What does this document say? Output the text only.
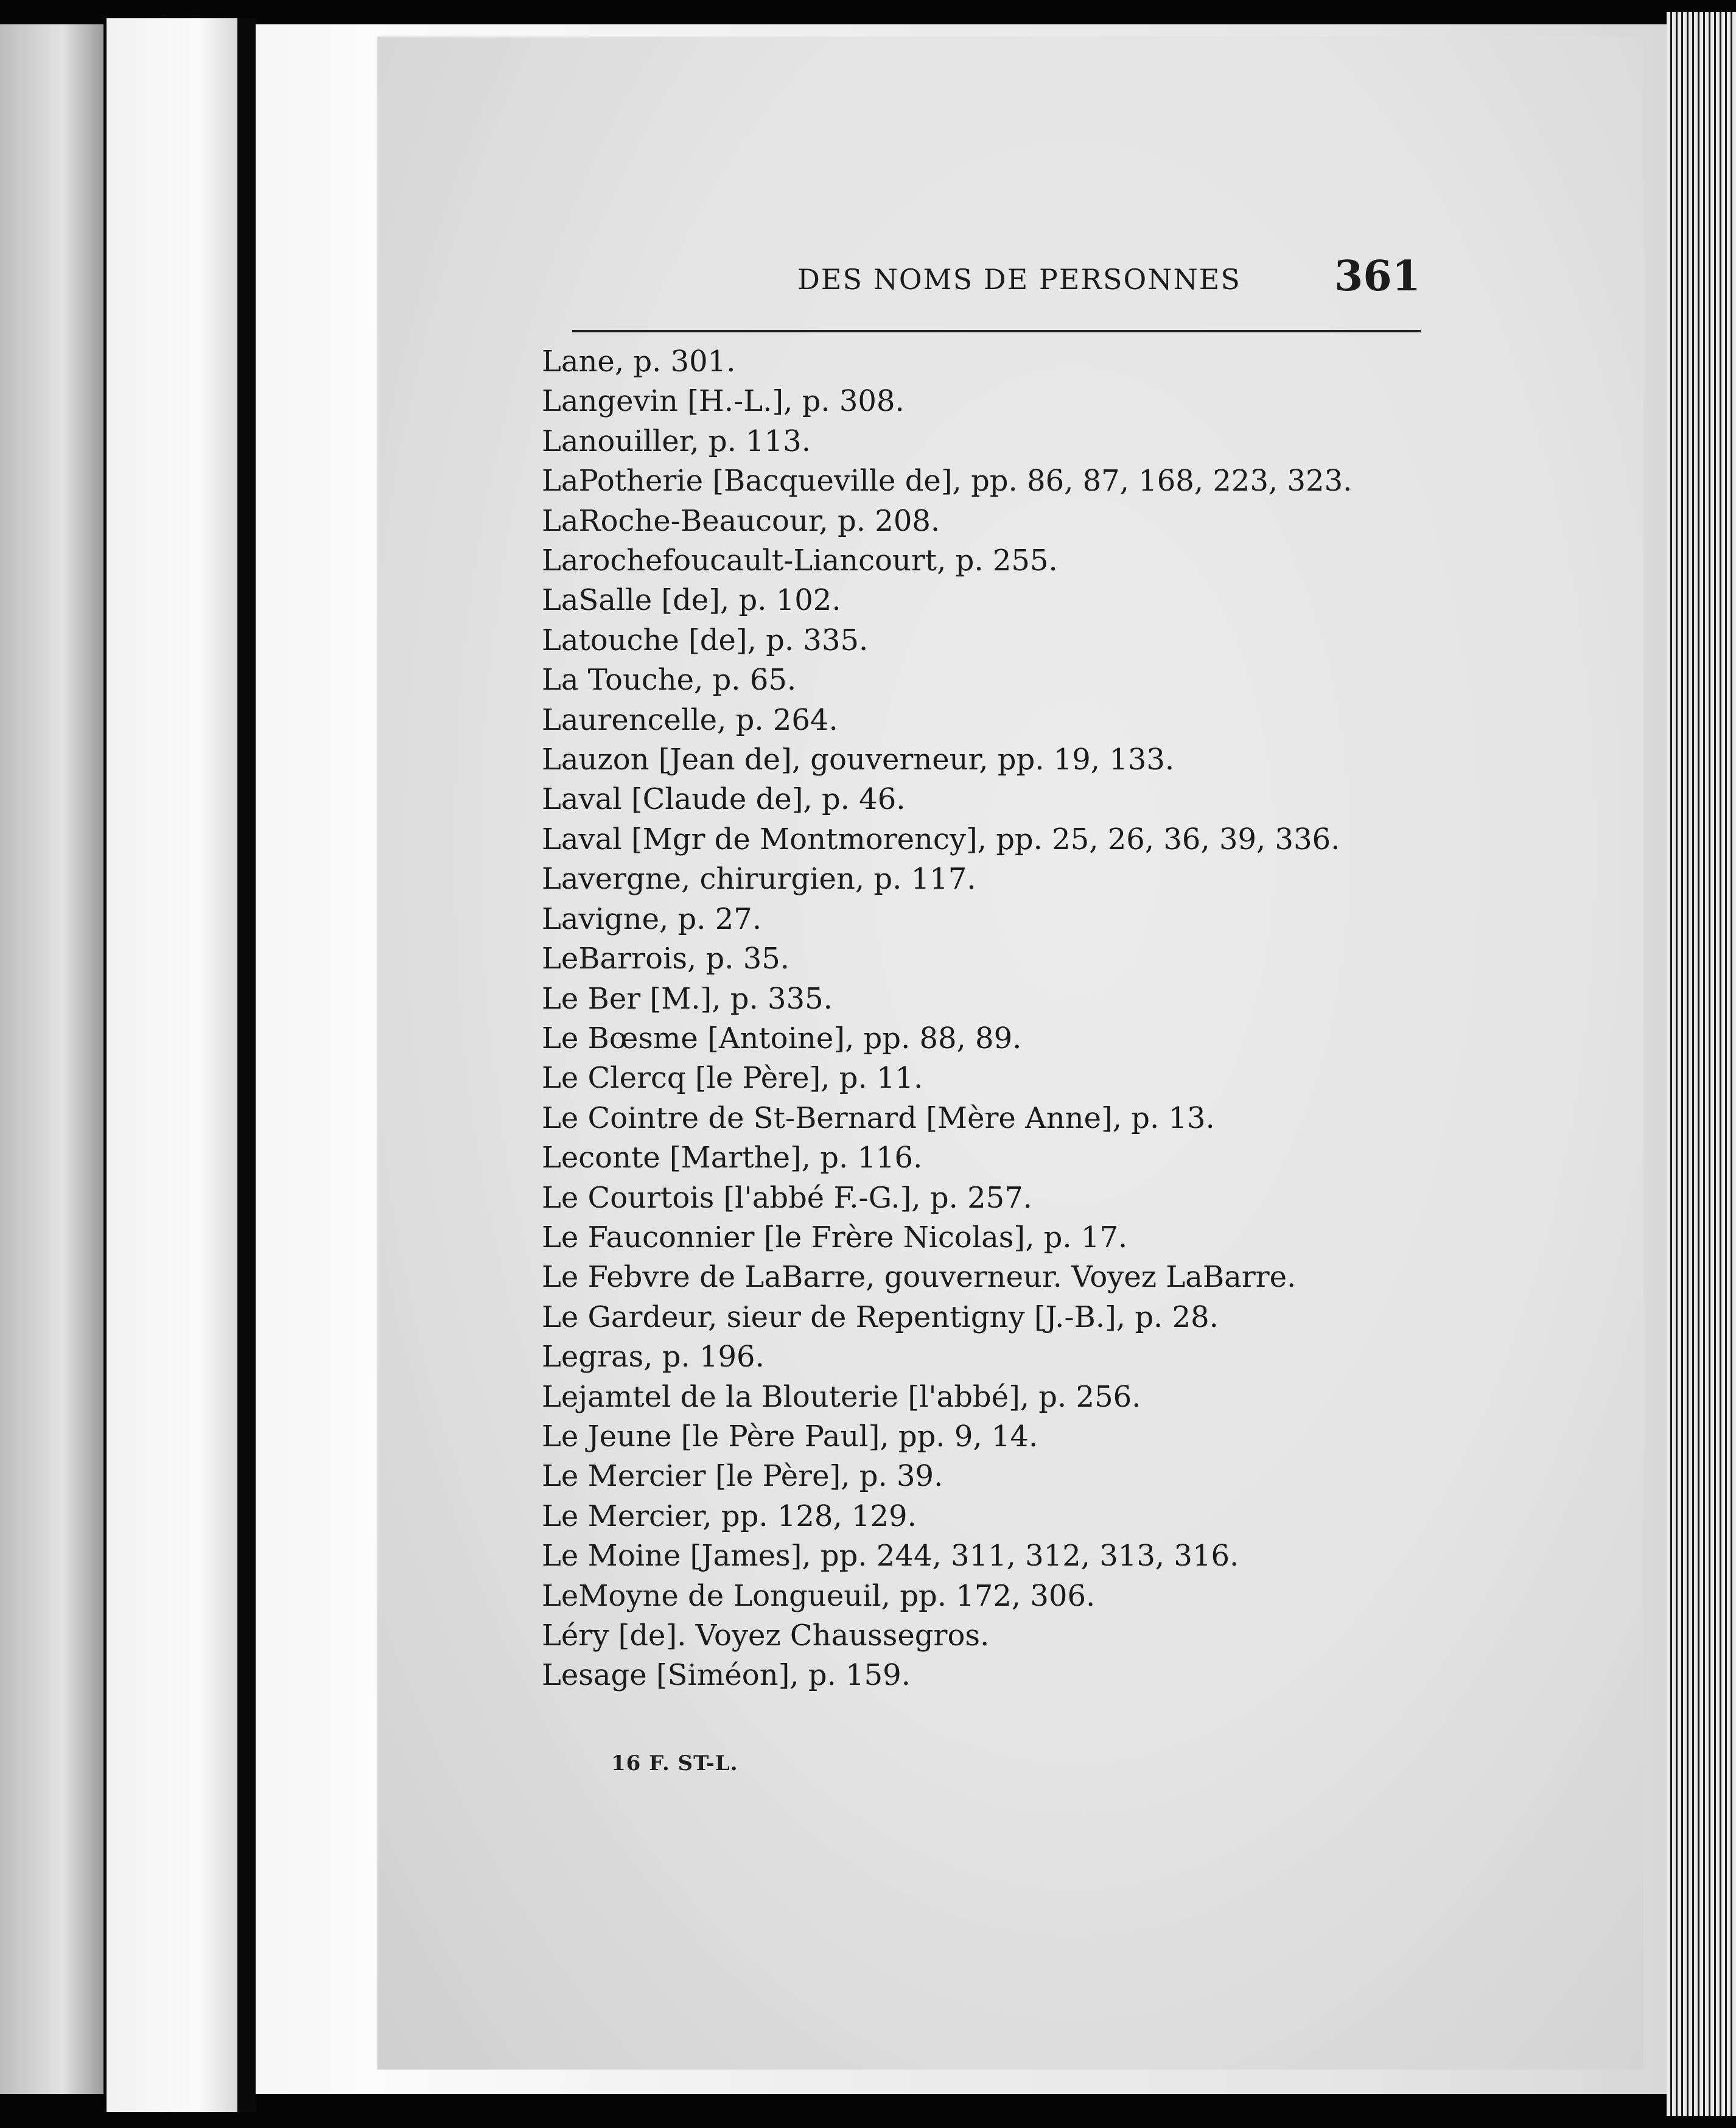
DES NOMS DE PERSONNES 361
Lane, p. 301.
Langevin [H.-L.], p. 308.
Lanouiller, p. 113.
LaPotherie [Bacqueville de], pp. 86, 87, 168, 223, 323.
LaRoche-Beaucour, p. 208.
Larochefoucault-Liancourt, p. 255.
LaSalle [de], p. 102.
Latouche [de], p. 335.
La Touche, p. 65.
Laurencelle, p. 264.
Lauzon [Jean de], gouverneur, pp. 19, 133.
Laval [Claude de], p. 46.
Laval [Mgr de Montmorency], pp. 25, 26, 36, 39, 336.
Lavergne, chirurgien, p. 117.
Lavigne, p. 27.
LeBarrois, p. 35.
Le Ber [M.], p. 335.
Le Bœsme [Antoine], pp. 88, 89.
Le Clercq [le Père], p. 11.
Le Cointre de St-Bernard [Mère Anne], p. 13.
Leconte [Marthe], p. 116.
Le Courtois [l'abbé F.-G.], p. 257.
Le Fauconnier [le Frère Nicolas], p. 17.
Le Febvre de LaBarre, gouverneur. Voyez LaBarre.
Le Gardeur, sieur de Repentigny [J.-B.], p. 28.
Legras, p. 196.
Lejamtel de la Blouterie [l'abbé], p. 256.
Le Jeune [le Père Paul], pp. 9, 14.
Le Mercier [le Père], p. 39.
Le Mercier, pp. 128, 129.
Le Moine [James], pp. 244, 311, 312, 313, 316.
LeMoyne de Longueuil, pp. 172, 306.
Léry [de]. Voyez Chaussegros.
Lesage [Siméon], p. 159.
16 F. ST-L.
